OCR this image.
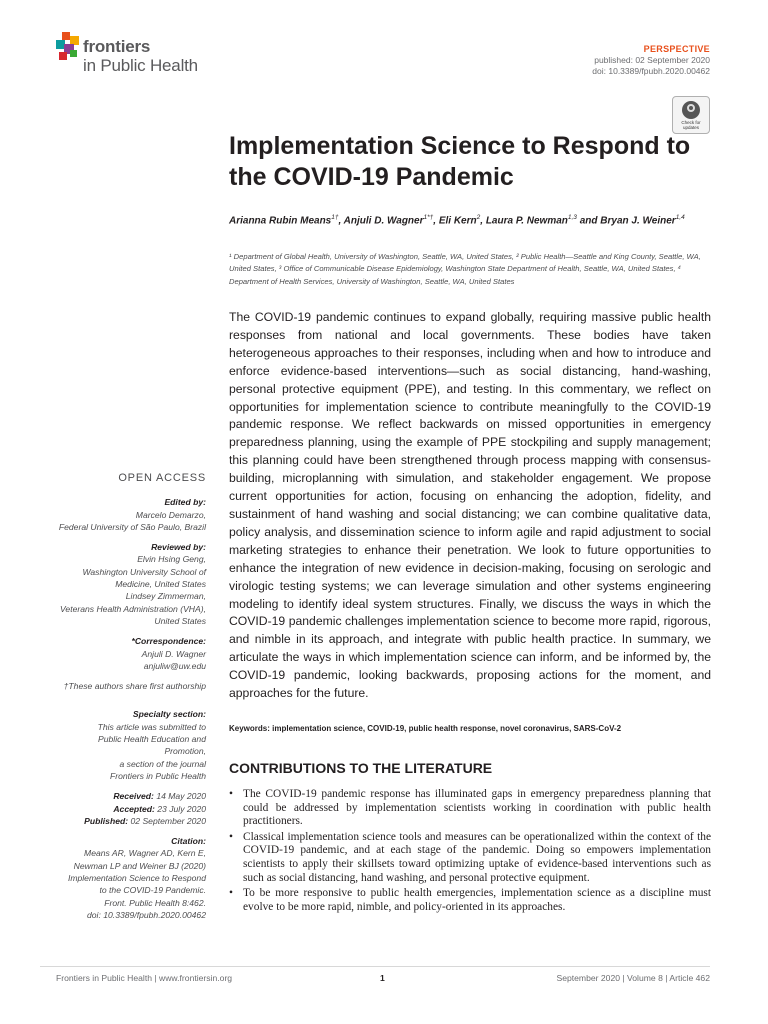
frontiers
in Public Health
PERSPECTIVE
published: 02 September 2020
doi: 10.3389/fpubh.2020.00462
Check for updates
Implementation Science to Respond to the COVID-19 Pandemic
Arianna Rubin Means$^{1\dagger}$, Anjuli D. Wagner$^{1*\dagger}$, Eli Kern$^2$, Laura P. Newman$^{1,3}$ and Bryan J. Weiner$^{1,4}$
¹ Department of Global Health, University of Washington, Seattle, WA, United States, ² Public Health—Seattle and King County, Seattle, WA, United States, ³ Office of Communicable Disease Epidemiology, Washington State Department of Health, Seattle, WA, United States, ⁴ Department of Health Services, University of Washington, Seattle, WA, United States

The COVID-19 pandemic continues to expand globally, requiring massive public health responses from national and local governments. These bodies have taken heterogeneous approaches to their responses, including when and how to introduce and enforce evidence-based interventions—such as social distancing, hand-washing, personal protective equipment (PPE), and testing. In this commentary, we reflect on opportunities for implementation science to contribute meaningfully to the COVID-19 pandemic response. We reflect backwards on missed opportunities in emergency preparedness planning, using the example of PPE stockpiling and supply management; this planning could have been strengthened through process mapping with consensus-building, microplanning with simulation, and stakeholder engagement. We propose current opportunities for action, focusing on enhancing the adoption, fidelity, and sustainment of hand washing and social distancing; we can combine qualitative data, policy analysis, and dissemination science to inform agile and rapid adjustment to social marketing strategies to enhance their penetration. We look to future opportunities to enhance the integration of new evidence in decision-making, focusing on serologic and virologic testing systems; we can leverage simulation and other systems engineering modeling to identify ideal system structures. Finally, we discuss the ways in which the COVID-19 pandemic challenges implementation science to become more rapid, rigorous, and nimble in its approach, and integrate with public health practice. In summary, we articulate the ways in which implementation science can inform, and be informed by, the COVID-19 pandemic, looking backwards, proposing actions for the moment, and approaches for the future.

Keywords: implementation science, COVID-19, public health response, novel coronavirus, SARS-CoV-2
CONTRIBUTIONS TO THE LITERATURE
• The COVID-19 pandemic response has illuminated gaps in emergency preparedness planning that could be addressed by implementation scientists working in coordination with public health practitioners.
• Classical implementation science tools and measures can be operationalized within the context of the COVID-19 pandemic, and at each stage of the pandemic. Doing so empowers implementation scientists to apply their skillsets toward optimizing uptake of evidence-based interventions such as such as social distancing, hand washing, and personal protective equipment.
• To be more responsive to public health emergencies, implementation science as a discipline must evolve to be more rapid, nimble, and policy-oriented in its approaches.
OPEN ACCESS
Edited by:
Marcelo Demarzo,
Federal University of São Paulo, Brazil
Reviewed by:
Elvin Hsing Geng,
Washington University School of
Medicine, United States
Lindsey Zimmerman,
Veterans Health Administration (VHA),
United States
*Correspondence:
Anjuli D. Wagner
anjuliw@uw.edu
†These authors share first authorship
Specialty section:
This article was submitted to
Public Health Education and
Promotion,
a section of the journal
Frontiers in Public Health
Received: 14 May 2020
Accepted: 23 July 2020
Published: 02 September 2020
Citation:
Means AR, Wagner AD, Kern E,
Newman LP and Weiner BJ (2020)
Implementation Science to Respond
to the COVID-19 Pandemic.
Front. Public Health 8:462.
doi: 10.3389/fpubh.2020.00462
Frontiers in Public Health | www.frontiersin.org	1	September 2020 | Volume 8 | Article 462
